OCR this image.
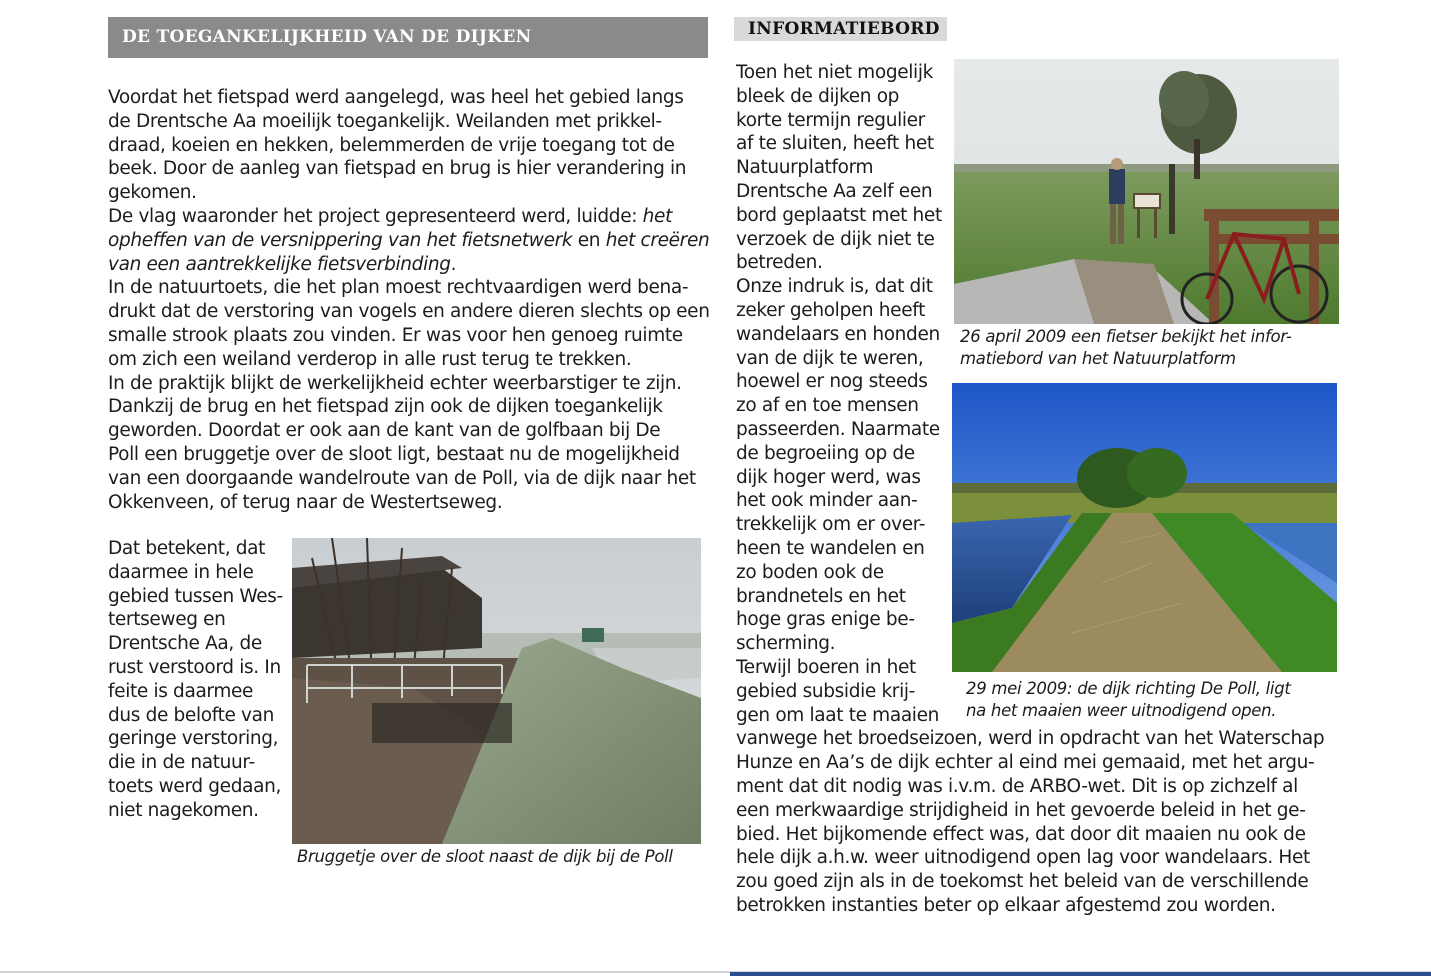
DE TOEGANKELIJKHEID VAN DE DIJKEN

Voordat het fietspad werd aangelegd, was heel het gebied langs
de Drentsche Aa moeilijk toegankelijk. Weilanden met prikkel-
draad, koeien en hekken, belemmerden de vrije toegang tot de
beek. Door de aanleg van fietspad en brug is hier verandering in
gekomen.
De vlag waaronder het project gepresenteerd werd, luidde: het
opheffen van de versnippering van het fietsnetwerk en het creëren
van een aantrekkelijke fietsverbinding.
In de natuurtoets, die het plan moest rechtvaardigen werd bena-
drukt dat de verstoring van vogels en andere dieren slechts op een
smalle strook plaats zou vinden. Er was voor hen genoeg ruimte
om zich een weiland verderop in alle rust terug te trekken.
In de praktijk blijkt de werkelijkheid echter weerbarstiger te zijn.
Dankzij de brug en het fietspad zijn ook de dijken toegankelijk
geworden. Doordat er ook aan de kant van de golfbaan bij De
Poll een bruggetje over de sloot ligt, bestaat nu de mogelijkheid
van een doorgaande wandelroute van de Poll, via de dijk naar het
Okkenveen, of terug naar de Westertseweg.

Dat betekent, dat
daarmee in hele
gebied tussen Wes-
tertseweg en
Drentsche Aa, de
rust verstoord is. In
feite is daarmee
dus de belofte van
geringe verstoring,
die in de natuur-
toets werd gedaan,
niet nagekomen.

Bruggetje over de sloot naast de dijk bij de Poll

INFORMATIEBORD

Toen het niet mogelijk
bleek de dijken op
korte termijn regulier
af te sluiten, heeft het
Natuurplatform
Drentsche Aa zelf een
bord geplaatst met het
verzoek de dijk niet te
betreden.
Onze indruk is, dat dit
zeker geholpen heeft
wandelaars en honden
van de dijk te weren,
hoewel er nog steeds
zo af en toe mensen
passeerden. Naarmate
de begroeiing op de
dijk hoger werd, was
het ook minder aan-
trekkelijk om er over-
heen te wandelen en
zo boden ook de
brandnetels en het
hoge gras enige be-
scherming.
Terwijl boeren in het
gebied subsidie krij-
gen om laat te maaien
vanwege het broedseizoen, werd in opdracht van het Waterschap
Hunze en Aa’s de dijk echter al eind mei gemaaid, met het argu-
ment dat dit nodig was i.v.m. de ARBO-wet. Dit is op zichzelf al
een merkwaardige strijdigheid in het gevoerde beleid in het ge-
bied. Het bijkomende effect was, dat door dit maaien nu ook de
hele dijk a.h.w. weer uitnodigend open lag voor wandelaars. Het
zou goed zijn als in de toekomst het beleid van de verschillende
betrokken instanties beter op elkaar afgestemd zou worden.

26 april 2009 een fietser bekijkt het infor-
matiebord van het Natuurplatform

29 mei 2009: de dijk richting De Poll, ligt
na het maaien weer uitnodigend open.
